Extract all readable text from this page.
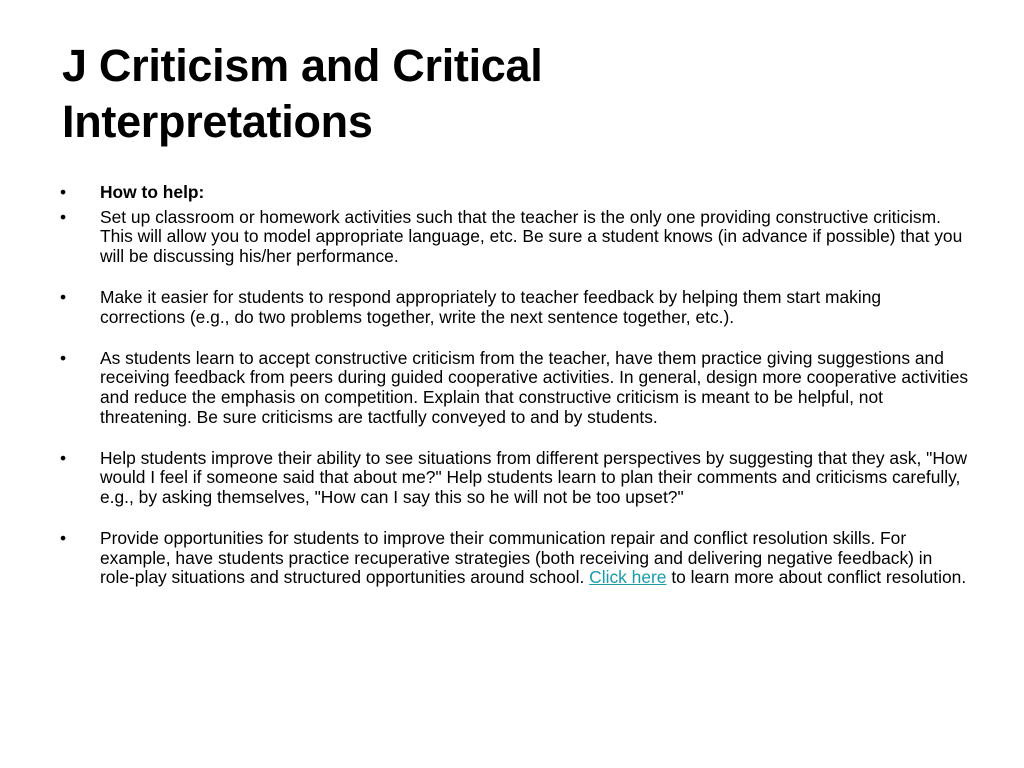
J Criticism and Critical
Interpretations
•	How to help:
•	Set up classroom or homework activities such that the teacher is the only one providing constructive criticism. This will allow you to model appropriate language, etc. Be sure a student knows (in advance if possible) that you will be discussing his/her performance.
•	Make it easier for students to respond appropriately to teacher feedback by helping them start making corrections (e.g., do two problems together, write the next sentence together, etc.).
•	As students learn to accept constructive criticism from the teacher, have them practice giving suggestions and receiving feedback from peers during guided cooperative activities. In general, design more cooperative activities and reduce the emphasis on competition. Explain that constructive criticism is meant to be helpful, not threatening. Be sure criticisms are tactfully conveyed to and by students.
•	Help students improve their ability to see situations from different perspectives by suggesting that they ask, "How would I feel if someone said that about me?" Help students learn to plan their comments and criticisms carefully, e.g., by asking themselves, "How can I say this so he will not be too upset?"
•	Provide opportunities for students to improve their communication repair and conflict resolution skills. For example, have students practice recuperative strategies (both receiving and delivering negative feedback) in role-play situations and structured opportunities around school. Click here to learn more about conflict resolution.
